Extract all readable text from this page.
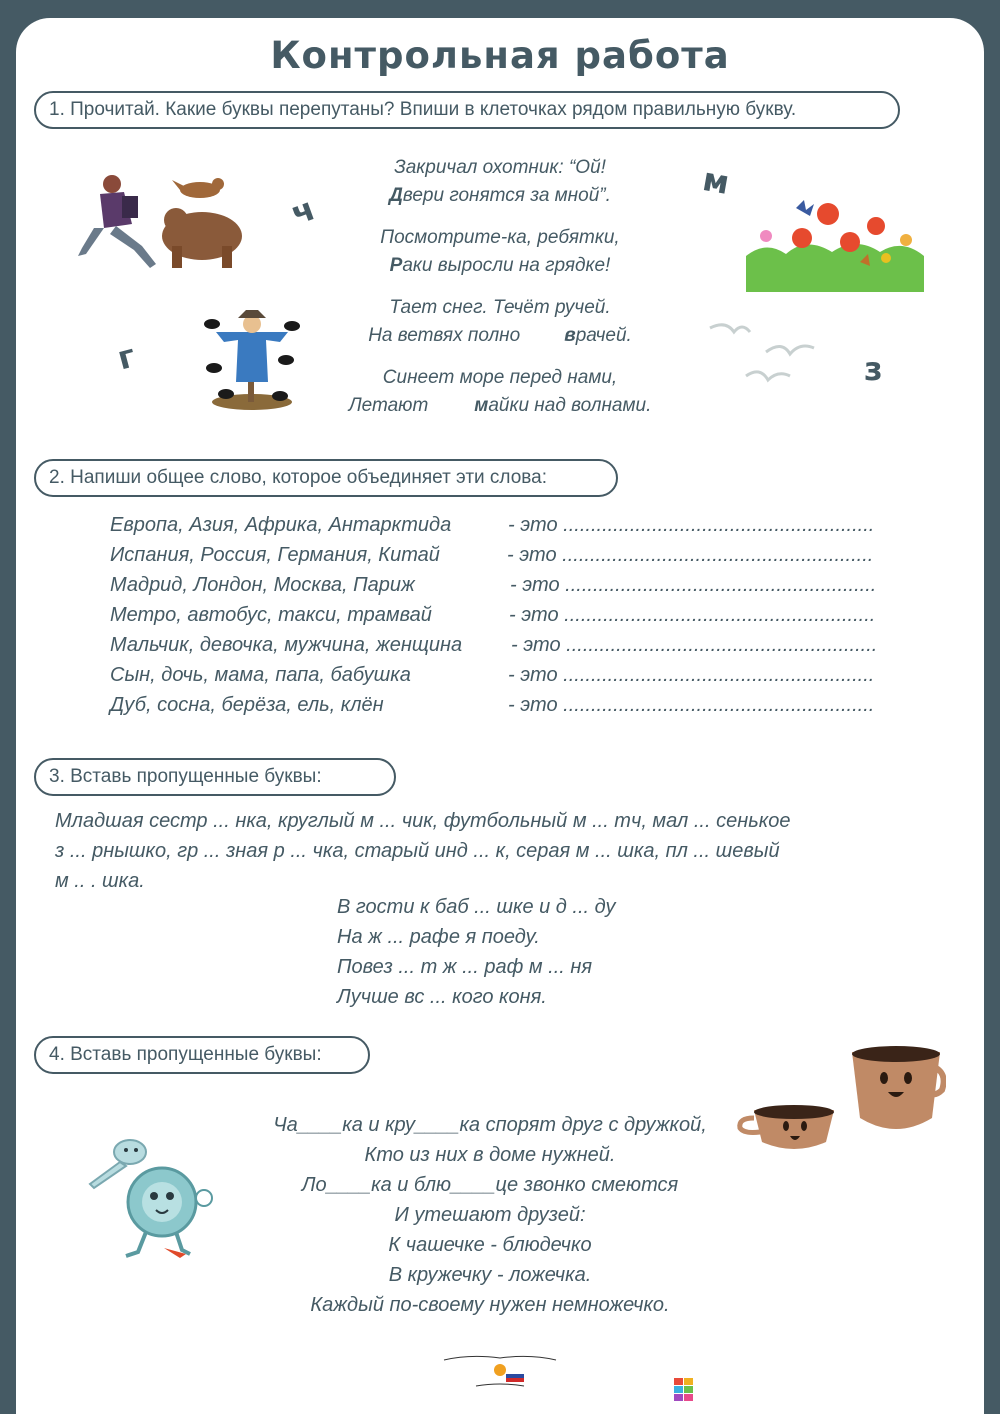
Контрольная работа
1. Прочитай. Какие буквы перепутаны? Впиши в клеточках рядом правильную букву.
ч
Закричал охотник: “Ой!
Двери гонятся за мной”.
Посмотрите-ка, ребятки,
Раки выросли на грядке!
Тает снег. Течёт ручей.
На ветвях полно врачей.
Синеет море перед нами,
Летают майки над волнами.
м
г	з
2. Напиши общее слово, которое объединяет эти слова:
Европа, Азия, Африка, Антарктида	- это ........................................................
Испания, Россия, Германия, Китай	- это ........................................................
Мадрид, Лондон, Москва, Париж	- это ........................................................
Метро, автобус, такси, трамвай	- это ........................................................
Мальчик, девочка, мужчина, женщина - это ........................................................
Сын, дочь, мама, папа, бабушка	- это ........................................................
Дуб, сосна, берёза, ель, клён	- это ........................................................
3. Вставь пропущенные буквы:
Младшая сестр ... нка, круглый м ... чик, футбольный м ... тч, мал ... сенькое
з ... рнышко, гр ... зная р ... чка, старый инд ... к, серая м ... шка, пл ... шевый
м .. . шка.
В гости к баб ... шке и д ... ду
На ж ... рафе я поеду.
Повез ... т ж ... раф м ... ня
Лучше вс ... кого коня.
4. Вставь пропущенные буквы:
Ча____ка и кру____ка спорят друг с дружкой,
Кто из них в доме нужней.
Ло____ка и блю____це звонко смеются
И утешают друзей:
К чашечке - блюдечко
В кружечку - ложечка.
Каждый по-своему нужен немножечко.
LIVEWORKSHEETS
